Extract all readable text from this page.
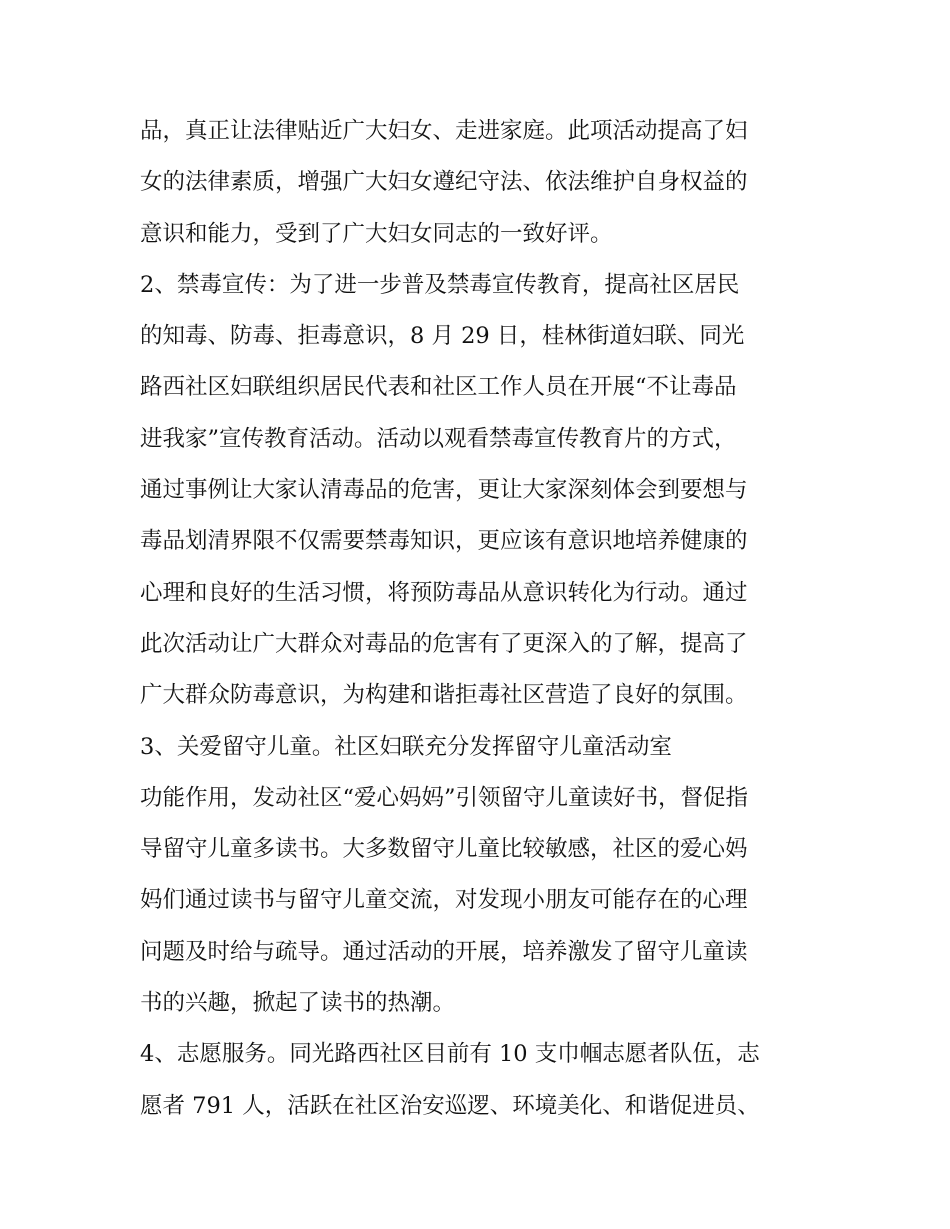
品，真正让法律贴近广大妇女、走进家庭。此项活动提高了妇
女的法律素质，增强广大妇女遵纪守法、依法维护自身权益的
意识和能力，受到了广大妇女同志的一致好评。
2、禁毒宣传：为了进一步普及禁毒宣传教育，提高社区居民
的知毒、防毒、拒毒意识，8 月 29 日，桂林街道妇联、同光
路西社区妇联组织居民代表和社区工作人员在开展“不让毒品
进我家”宣传教育活动。活动以观看禁毒宣传教育片的方式，
通过事例让大家认清毒品的危害，更让大家深刻体会到要想与
毒品划清界限不仅需要禁毒知识，更应该有意识地培养健康的
心理和良好的生活习惯，将预防毒品从意识转化为行动。通过
此次活动让广大群众对毒品的危害有了更深入的了解，提高了
广大群众防毒意识，为构建和谐拒毒社区营造了良好的氛围。
3、关爱留守儿童。社区妇联充分发挥留守儿童活动室
功能作用，发动社区“爱心妈妈”引领留守儿童读好书，督促指
导留守儿童多读书。大多数留守儿童比较敏感，社区的爱心妈
妈们通过读书与留守儿童交流，对发现小朋友可能存在的心理
问题及时给与疏导。通过活动的开展，培养激发了留守儿童读
书的兴趣，掀起了读书的热潮。
4、志愿服务。同光路西社区目前有 10 支巾帼志愿者队伍，志
愿者 791 人，活跃在社区治安巡逻、环境美化、和谐促进员、
